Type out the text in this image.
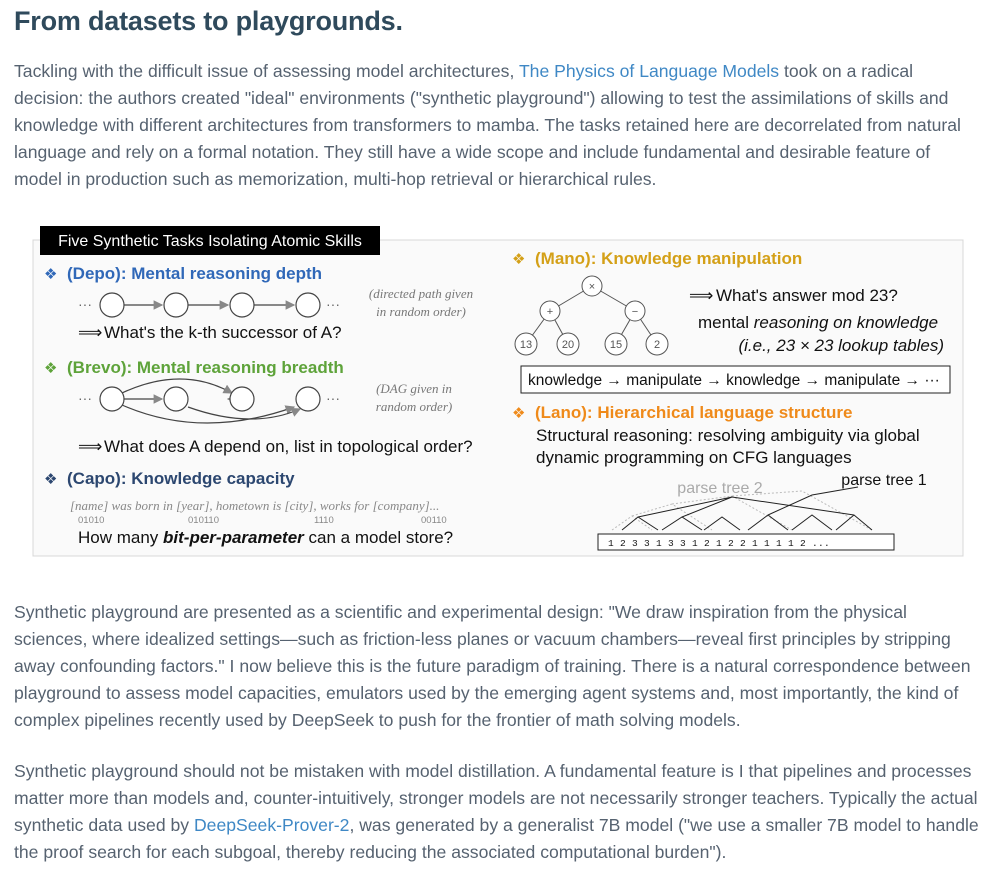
From datasets to playgrounds.

Tackling with the difficult issue of assessing model architectures, The Physics of Language Models took on a radical decision: the authors created "ideal" environments ("synthetic playground") allowing to test the assimilations of skills and knowledge with different architectures from transformers to mamba. The tasks retained here are decorrelated from natural language and rely on a formal notation. They still have a wide scope and include fundamental and desirable feature of model in production such as memorization, multi-hop retrieval or hierarchical rules.

Five Synthetic Tasks Isolating Atomic Skills
❖ (Depo): Mental reasoning depth
···	···
(directed path given
in random order)
⟹ What's the k-th successor of A?
❖ (Brevo): Mental reasoning breadth
···	···
(DAG given in
random order)
⟹ What does A depend on, list in topological order?
❖ (Capo): Knowledge capacity
[name] was born in [year], hometown is [city], works for [company]...
01010	010110	1110	00110
How many bit-per-parameter can a model store?
❖ (Mano): Knowledge manipulation
×
+	−
13	20	15	2
⟹ What's answer mod 23?
mental reasoning on knowledge
(i.e., 23 × 23 lookup tables)
knowledge → manipulate → knowledge → manipulate → ···
❖ (Lano): Hierarchical language structure
Structural reasoning: resolving ambiguity via global
dynamic programming on CFG languages
parse tree 2	parse tree 1
1 2 3 3 1 3 3 1 2 1 2 2 1 1 1 1 2 ...

Synthetic playground are presented as a scientific and experimental design: "We draw inspiration from the physical sciences, where idealized settings—such as friction-less planes or vacuum chambers—reveal first principles by stripping away confounding factors." I now believe this is the future paradigm of training. There is a natural correspondence between playground to assess model capacities, emulators used by the emerging agent systems and, most importantly, the kind of complex pipelines recently used by DeepSeek to push for the frontier of math solving models.

Synthetic playground should not be mistaken with model distillation. A fundamental feature is I that pipelines and processes matter more than models and, counter-intuitively, stronger models are not necessarily stronger teachers. Typically the actual synthetic data used by DeepSeek-Prover-2, was generated by a generalist 7B model ("we use a smaller 7B model to handle the proof search for each subgoal, thereby reducing the associated computational burden").
